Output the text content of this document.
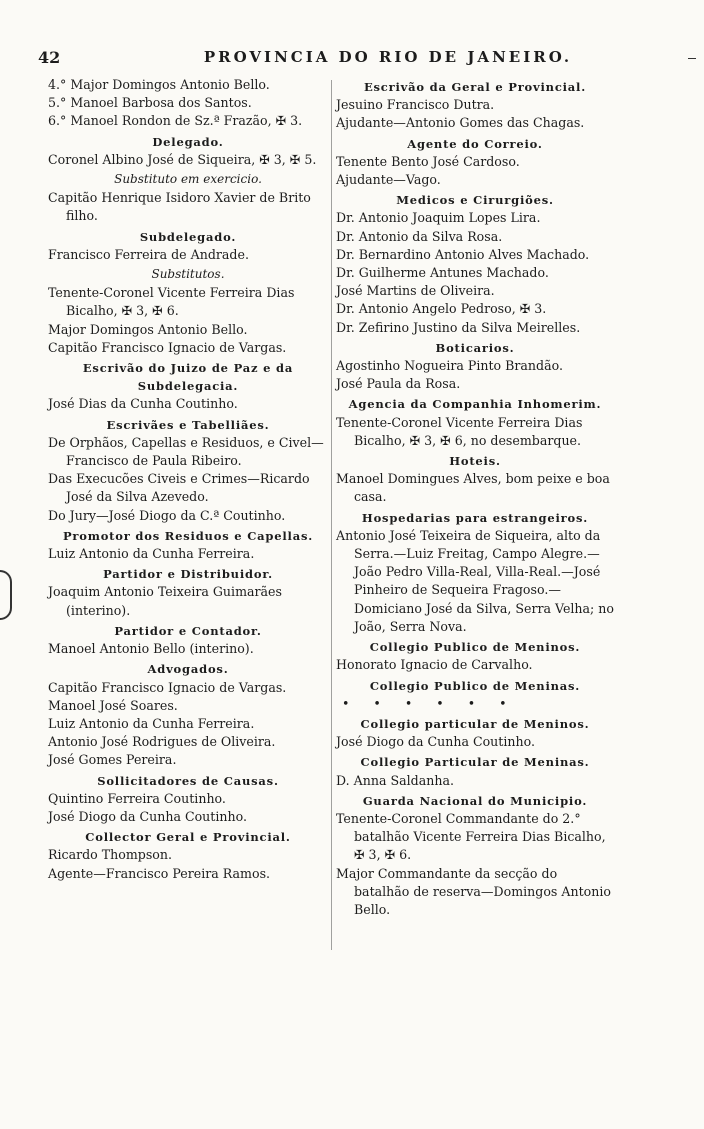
42	PROVINCIA DO RIO DE JANEIRO.
4.° Major Domingos Antonio Bello.
5.° Manoel Barbosa dos Santos.
6.° Manoel Rondon de Sz.ª Frazão, ✠ 3.
Delegado.
Coronel Albino José de Siqueira, ✠ 3, ✠ 5.
Substituto em exercicio.
Capitão Henrique Isidoro Xavier de Brito filho.
Subdelegado.
Francisco Ferreira de Andrade.
Substitutos.
Tenente-Coronel Vicente Ferreira Dias Bicalho, ✠ 3, ✠ 6.
Major Domingos Antonio Bello.
Capitão Francisco Ignacio de Vargas.
Escrivão do Juizo de Paz e da Subdelegacia.
José Dias da Cunha Coutinho.
Escrivães e Tabelliães.
De Orphãos, Capellas e Residuos, e Civel—Francisco de Paula Ribeiro.
Das Execucões Civeis e Crimes—Ricardo José da Silva Azevedo.
Do Jury—José Diogo da C.ª Coutinho.
Promotor dos Residuos e Capellas.
Luiz Antonio da Cunha Ferreira.
Partidor e Distribuidor.
Joaquim Antonio Teixeira Guimarães (interino).
Partidor e Contador.
Manoel Antonio Bello (interino).
Advogados.
Capitão Francisco Ignacio de Vargas.
Manoel José Soares.
Luiz Antonio da Cunha Ferreira.
Antonio José Rodrigues de Oliveira.
José Gomes Pereira.
Sollicitadores de Causas.
Quintino Ferreira Coutinho.
José Diogo da Cunha Coutinho.
Collector Geral e Provincial.
Ricardo Thompson.
Agente—Francisco Pereira Ramos.
Escrivão da Geral e Provincial.
Jesuino Francisco Dutra.
Ajudante—Antonio Gomes das Chagas.
Agente do Correio.
Tenente Bento José Cardoso.
Ajudante—Vago.
Medicos e Cirurgiões.
Dr. Antonio Joaquim Lopes Lira.
Dr. Antonio da Silva Rosa.
Dr. Bernardino Antonio Alves Machado.
Dr. Guilherme Antunes Machado.
José Martins de Oliveira.
Dr. Antonio Angelo Pedroso, ✠ 3.
Dr. Zefirino Justino da Silva Meirelles.
Boticarios.
Agostinho Nogueira Pinto Brandão.
José Paula da Rosa.
Agencia da Companhia Inhomerim.
Tenente-Coronel Vicente Ferreira Dias Bicalho, ✠ 3, ✠ 6, no desembarque.
Hoteis.
Manoel Domingues Alves, bom peixe e boa casa.
Hospedarias para estrangeiros.
Antonio José Teixeira de Siqueira, alto da Serra.—Luiz Freitag, Campo Alegre.—João Pedro Villa-Real, Villa-Real.—José Pinheiro de Sequeira Fragoso.—Domiciano José da Silva, Serra Velha; no João, Serra Nova.
Collegio Publico de Meninos.
Honorato Ignacio de Carvalho.
Collegio Publico de Meninas.
• • • • • •
Collegio particular de Meninos.
José Diogo da Cunha Coutinho.
Collegio Particular de Meninas.
D. Anna Saldanha.
Guarda Nacional do Municipio.
Tenente-Coronel Commandante do 2.° batalhão Vicente Ferreira Dias Bicalho, ✠ 3, ✠ 6.
Major Commandante da secção do batalhão de reserva—Domingos Antonio Bello.
